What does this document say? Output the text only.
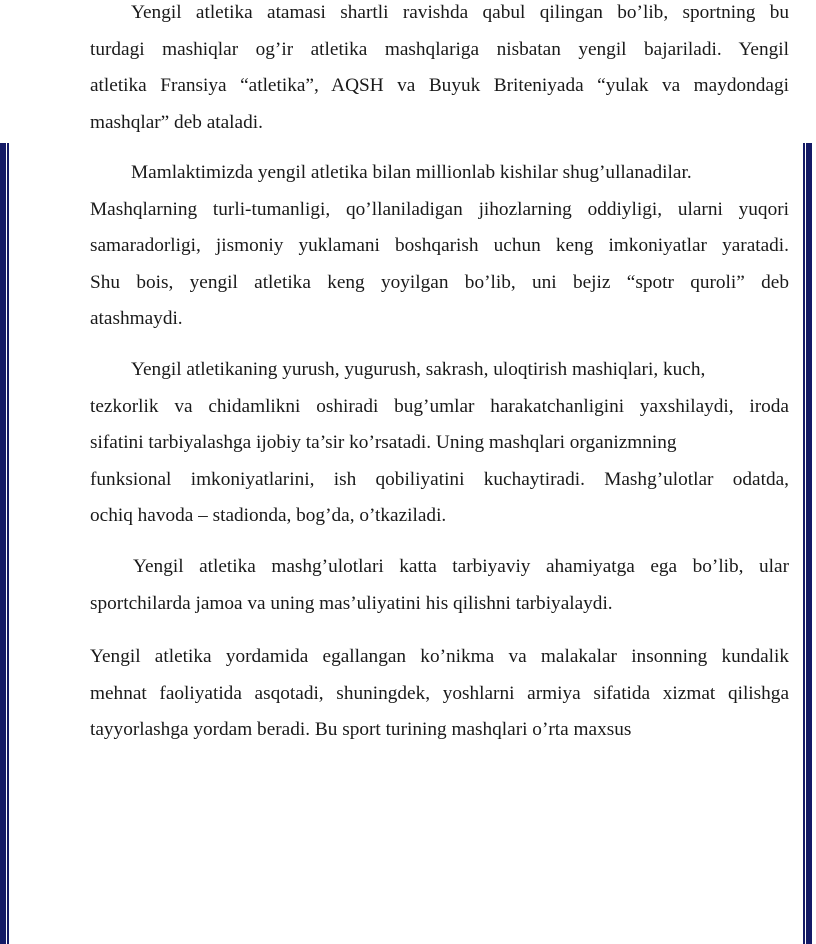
Yengil atletika atamasi shartli ravishda qabul qilingan bo’lib, sportning bu
turdagi mashiqlar og’ir atletika mashqlariga nisbatan yengil bajariladi. Yengil
atletika Fransiya “atletika”, AQSH va Buyuk Briteniyada “yulak va maydondagi
mashqlar” deb ataladi.
Mamlaktimizda yengil atletika bilan millionlab kishilar shug’ullanadilar.
Mashqlarning turli-tumanligi, qo’llaniladigan jihozlarning oddiyligi, ularni yuqori
samaradorligi, jismoniy yuklamani boshqarish uchun keng imkoniyatlar yaratadi.
Shu bois, yengil atletika keng yoyilgan bo’lib, uni bejiz “spotr quroli” deb
atashmaydi.
Yengil atletikaning yurush, yugurush, sakrash, uloqtirish mashiqlari, kuch,
tezkorlik va chidamlikni oshiradi bug’umlar harakatchanligini yaxshilaydi, iroda
sifatini tarbiyalashga ijobiy ta’sir ko’rsatadi. Uning mashqlari organizmning
funksional imkoniyatlarini, ish qobiliyatini kuchaytiradi. Mashg’ulotlar odatda,
ochiq havoda – stadionda, bog’da, o’tkaziladi.
Yengil atletika mashg’ulotlari katta tarbiyaviy ahamiyatga ega bo’lib, ular
sportchilarda jamoa va uning mas’uliyatini his qilishni tarbiyalaydi.
Yengil atletika yordamida egallangan ko’nikma va malakalar insonning kundalik
mehnat faoliyatida asqotadi, shuningdek, yoshlarni armiya sifatida xizmat qilishga
tayyorlashga yordam beradi. Bu sport turining mashqlari o’rta maxsus
